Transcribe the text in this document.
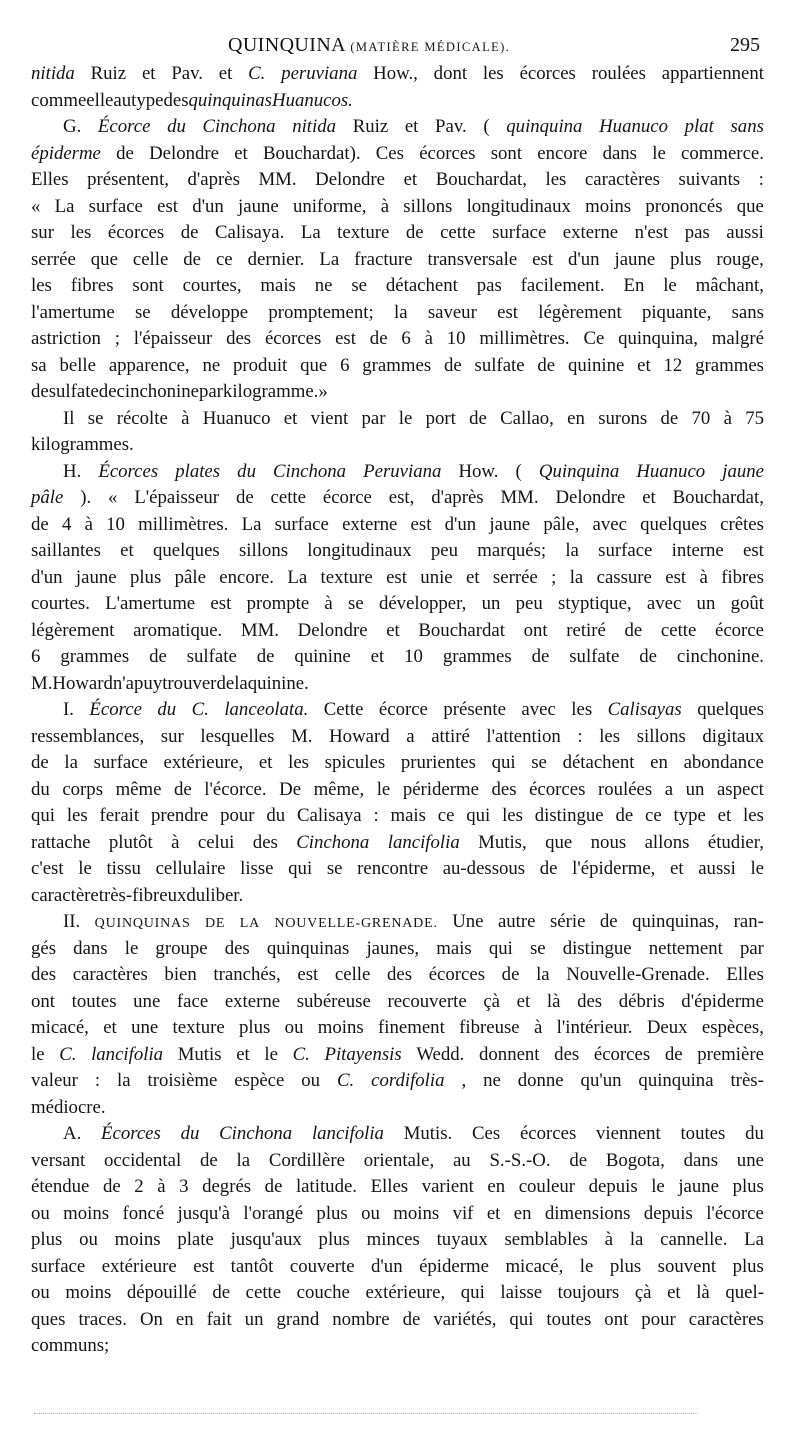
QUINQUINA (MATIÈRE MÉDICALE).	295
nitida Ruiz et Pav. et C. peruviana How., dont les écorces roulées appartiennent
comme elle au type des quinquinas Huanucos.
G. Écorce du Cinchona nitida Ruiz et Pav. ( quinquina Huanuco plat sans
épiderme de Delondre et Bouchardat). Ces écorces sont encore dans le commerce.
Elles présentent, d'après MM. Delondre et Bouchardat, les caractères suivants :
« La surface est d'un jaune uniforme, à sillons longitudinaux moins prononcés que
sur les écorces de Calisaya. La texture de cette surface externe n'est pas aussi
serrée que celle de ce dernier. La fracture transversale est d'un jaune plus rouge,
les fibres sont courtes, mais ne se détachent pas facilement. En le mâchant,
l'amertume se développe promptement; la saveur est légèrement piquante, sans
astriction ; l'épaisseur des écorces est de 6 à 10 millimètres. Ce quinquina, malgré
sa belle apparence, ne produit que 6 grammes de sulfate de quinine et 12 grammes
de sulfate de cinchonine par kilogramme. »
Il se récolte à Huanuco et vient par le port de Callao, en surons de 70 à 75
kilogrammes.
H. Écorces plates du Cinchona Peruviana How. ( Quinquina Huanuco jaune
pâle ). « L'épaisseur de cette écorce est, d'après MM. Delondre et Bouchardat,
de 4 à 10 millimètres. La surface externe est d'un jaune pâle, avec quelques crêtes
saillantes et quelques sillons longitudinaux peu marqués; la surface interne est
d'un jaune plus pâle encore. La texture est unie et serrée ; la cassure est à fibres
courtes. L'amertume est prompte à se développer, un peu styptique, avec un goût
légèrement aromatique. MM. Delondre et Bouchardat ont retiré de cette écorce
6 grammes de sulfate de quinine et 10 grammes de sulfate de cinchonine.
M. Howard n'a pu y trouver de la quinine.
I. Écorce du C. lanceolata. Cette écorce présente avec les Calisayas quelques
ressemblances, sur lesquelles M. Howard a attiré l'attention : les sillons digitaux
de la surface extérieure, et les spicules prurientes qui se détachent en abondance
du corps même de l'écorce. De même, le périderme des écorces roulées a un aspect
qui les ferait prendre pour du Calisaya : mais ce qui les distingue de ce type et les
rattache plutôt à celui des Cinchona lancifolia Mutis, que nous allons étudier,
c'est le tissu cellulaire lisse qui se rencontre au-dessous de l'épiderme, et aussi le
caractère très-fibreux du liber.
II. QUINQUINAS DE LA NOUVELLE-GRENADE. Une autre série de quinquinas, ran-
gés dans le groupe des quinquinas jaunes, mais qui se distingue nettement par
des caractères bien tranchés, est celle des écorces de la Nouvelle-Grenade. Elles
ont toutes une face externe subéreuse recouverte çà et là des débris d'épiderme
micacé, et une texture plus ou moins finement fibreuse à l'intérieur. Deux espèces,
le C. lancifolia Mutis et le C. Pitayensis Wedd. donnent des écorces de première
valeur : la troisième espèce ou C. cordifolia , ne donne qu'un quinquina très-
médiocre.
A. Écorces du Cinchona lancifolia Mutis. Ces écorces viennent toutes du
versant occidental de la Cordillère orientale, au S.-S.-O. de Bogota, dans une
étendue de 2 à 3 degrés de latitude. Elles varient en couleur depuis le jaune plus
ou moins foncé jusqu'à l'orangé plus ou moins vif et en dimensions depuis l'écorce
plus ou moins plate jusqu'aux plus minces tuyaux semblables à la cannelle. La
surface extérieure est tantôt couverte d'un épiderme micacé, le plus souvent plus
ou moins dépouillé de cette couche extérieure, qui laisse toujours çà et là quel-
ques traces. On en fait un grand nombre de variétés, qui toutes ont pour caractères
communs ;
